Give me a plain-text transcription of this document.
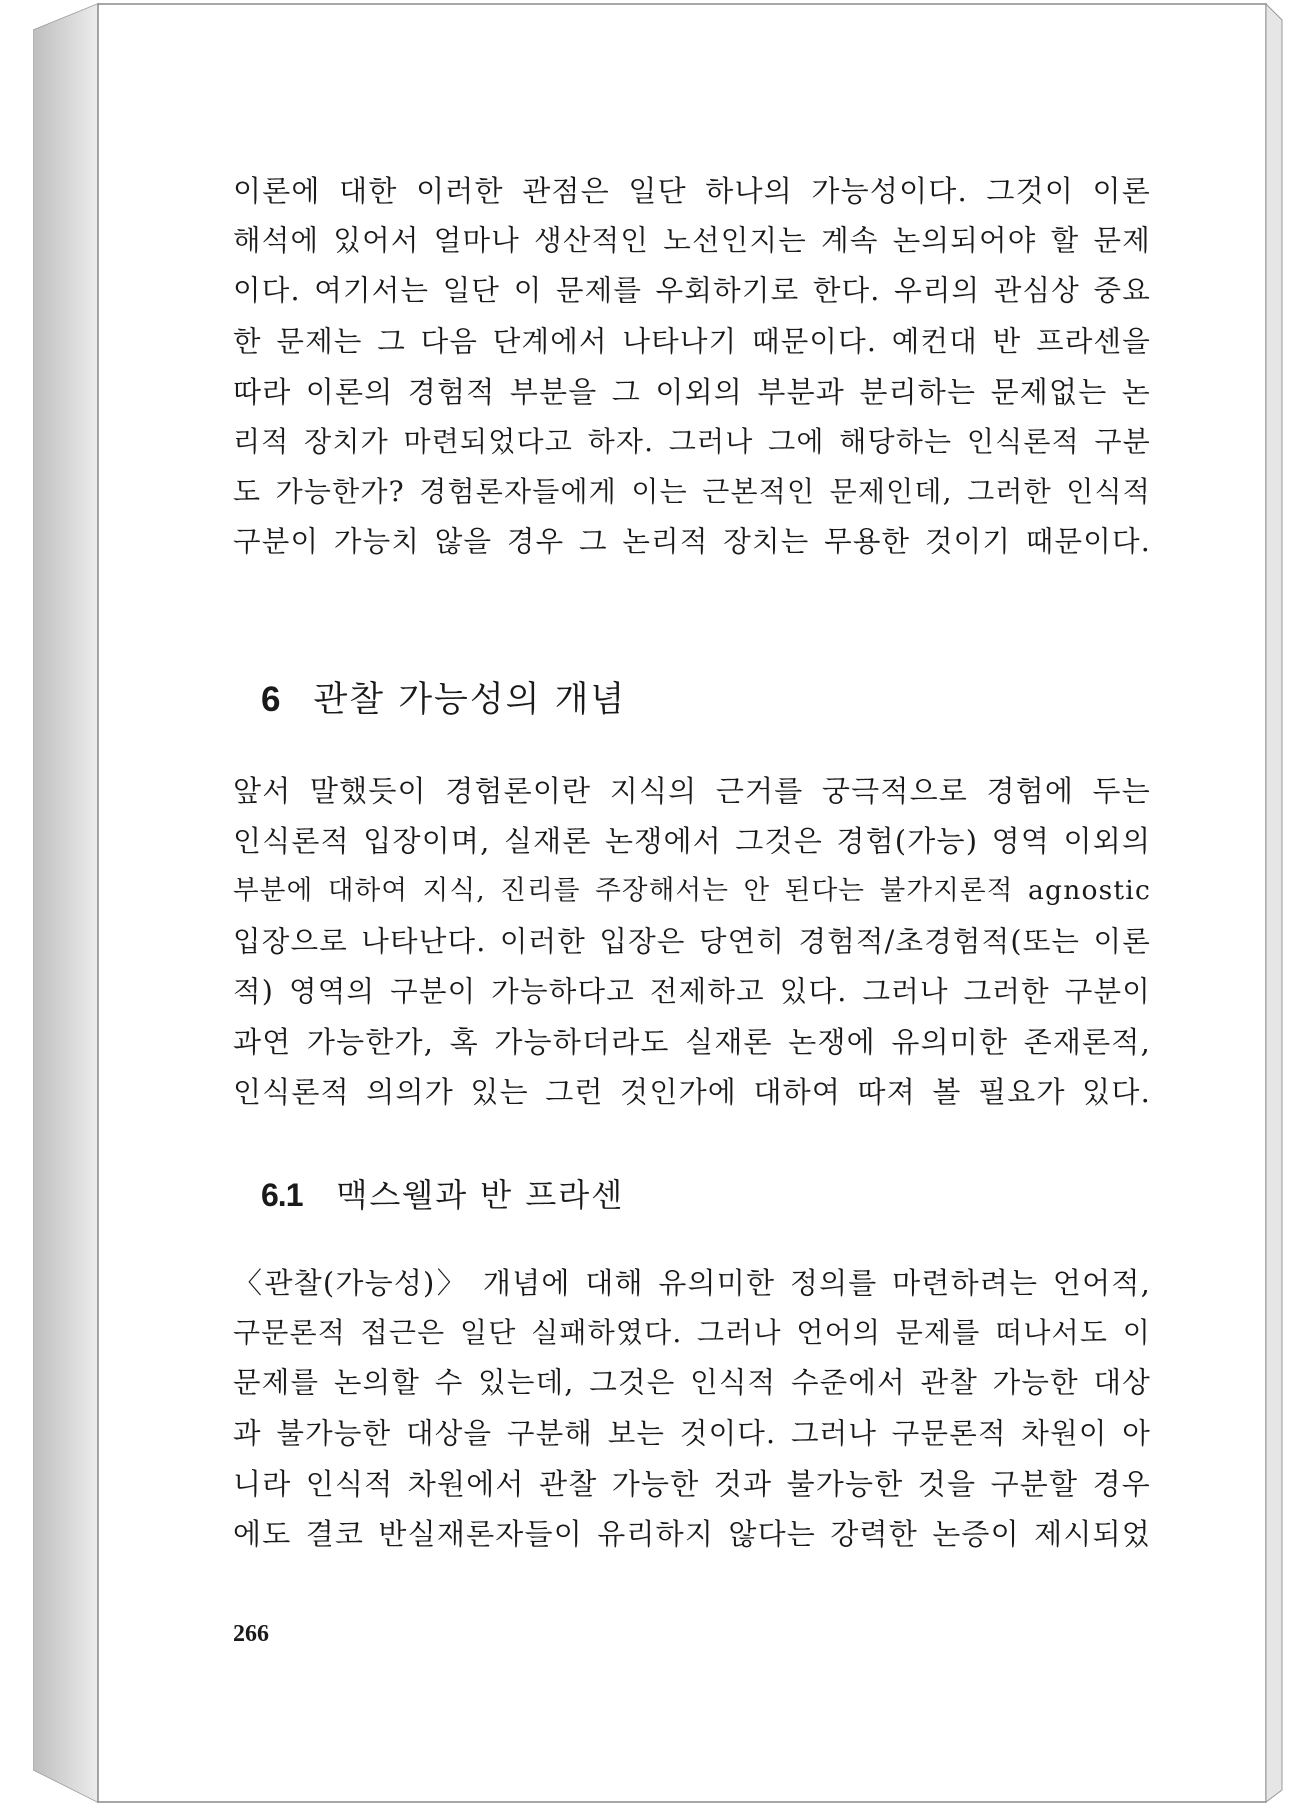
이론에 대한 이러한 관점은 일단 하나의 가능성이다. 그것이 이론
해석에 있어서 얼마나 생산적인 노선인지는 계속 논의되어야 할 문제
이다. 여기서는 일단 이 문제를 우회하기로 한다. 우리의 관심상 중요
한 문제는 그 다음 단계에서 나타나기 때문이다. 예컨대 반 프라센을
따라 이론의 경험적 부분을 그 이외의 부분과 분리하는 문제없는 논
리적 장치가 마련되었다고 하자. 그러나 그에 해당하는 인식론적 구분
도 가능한가? 경험론자들에게 이는 근본적인 문제인데, 그러한 인식적
구분이 가능치 않을 경우 그 논리적 장치는 무용한 것이기 때문이다.

6 관찰 가능성의 개념

앞서 말했듯이 경험론이란 지식의 근거를 궁극적으로 경험에 두는
인식론적 입장이며, 실재론 논쟁에서 그것은 경험(가능) 영역 이외의
부분에 대하여 지식, 진리를 주장해서는 안 된다는 불가지론적 agnostic
입장으로 나타난다. 이러한 입장은 당연히 경험적/초경험적(또는 이론
적) 영역의 구분이 가능하다고 전제하고 있다. 그러나 그러한 구분이
과연 가능한가, 혹 가능하더라도 실재론 논쟁에 유의미한 존재론적,
인식론적 의의가 있는 그런 것인가에 대하여 따져 볼 필요가 있다.

6.1 맥스웰과 반 프라센

〈관찰(가능성)〉 개념에 대해 유의미한 정의를 마련하려는 언어적,
구문론적 접근은 일단 실패하였다. 그러나 언어의 문제를 떠나서도 이
문제를 논의할 수 있는데, 그것은 인식적 수준에서 관찰 가능한 대상
과 불가능한 대상을 구분해 보는 것이다. 그러나 구문론적 차원이 아
니라 인식적 차원에서 관찰 가능한 것과 불가능한 것을 구분할 경우
에도 결코 반실재론자들이 유리하지 않다는 강력한 논증이 제시되었

266
